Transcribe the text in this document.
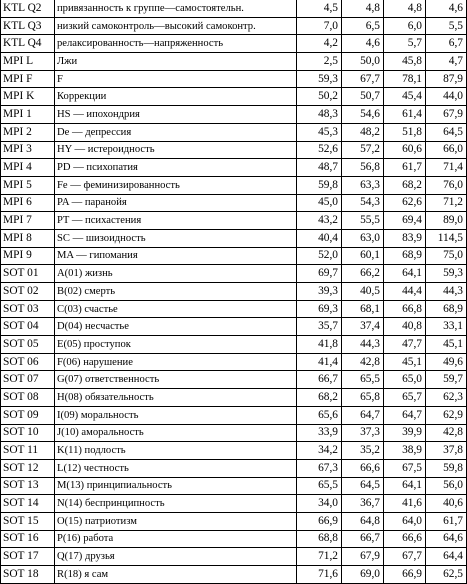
KTL Q2	привязанность к группе—самостоятельн.	4,5	4,8	4,8	4,6
KTL Q3	низкий самоконтроль—высокий самоконтр.	7,0	6,5	6,0	5,5
KTL Q4	релаксированность—напряженность	4,2	4,6	5,7	6,7
MPI L	Лжи	2,5	50,0	45,8	4,7
MPI F	F	59,3	67,7	78,1	87,9
MPI K	Коррекции	50,2	50,7	45,4	44,0
MPI 1	HS — ипохондрия	48,3	54,6	61,4	67,9
MPI 2	De — депрессия	45,3	48,2	51,8	64,5
MPI 3	HY — истероидность	52,6	57,2	60,6	66,0
MPI 4	PD — психопатия	48,7	56,8	61,7	71,4
MPI 5	Fe — феминизированность	59,8	63,3	68,2	76,0
MPI 6	PA — паранойя	45,0	54,3	62,6	71,2
MPI 7	PT — психастения	43,2	55,5	69,4	89,0
MPI 8	SC — шизоидность	40,4	63,0	83,9	114,5
MPI 9	MA — гипомания	52,0	60,1	68,9	75,0
SOT 01	A(01) жизнь	69,7	66,2	64,1	59,3
SOT 02	B(02) смерть	39,3	40,5	44,4	44,3
SOT 03	C(03) счастье	69,3	68,1	66,8	68,9
SOT 04	D(04) несчастье	35,7	37,4	40,8	33,1
SOT 05	E(05) проступок	41,8	44,3	47,7	45,1
SOT 06	F(06) нарушение	41,4	42,8	45,1	49,6
SOT 07	G(07) ответственность	66,7	65,5	65,0	59,7
SOT 08	H(08) обязательность	68,2	65,8	65,7	62,3
SOT 09	I(09) моральность	65,6	64,7	64,7	62,9
SOT 10	J(10) аморальность	33,9	37,3	39,9	42,8
SOT 11	K(11) подлость	34,2	35,2	38,9	37,8
SOT 12	L(12) честность	67,3	66,6	67,5	59,8
SOT 13	M(13) принципиальность	65,5	64,5	64,1	56,0
SOT 14	N(14) беспринципность	34,0	36,7	41,6	40,6
SOT 15	O(15) патриотизм	66,9	64,8	64,0	61,7
SOT 16	P(16) работа	68,8	66,7	66,6	64,6
SOT 17	Q(17) друзья	71,2	67,9	67,7	64,4
SOT 18	R(18) я сам	71,6	69,0	66,9	62,5
